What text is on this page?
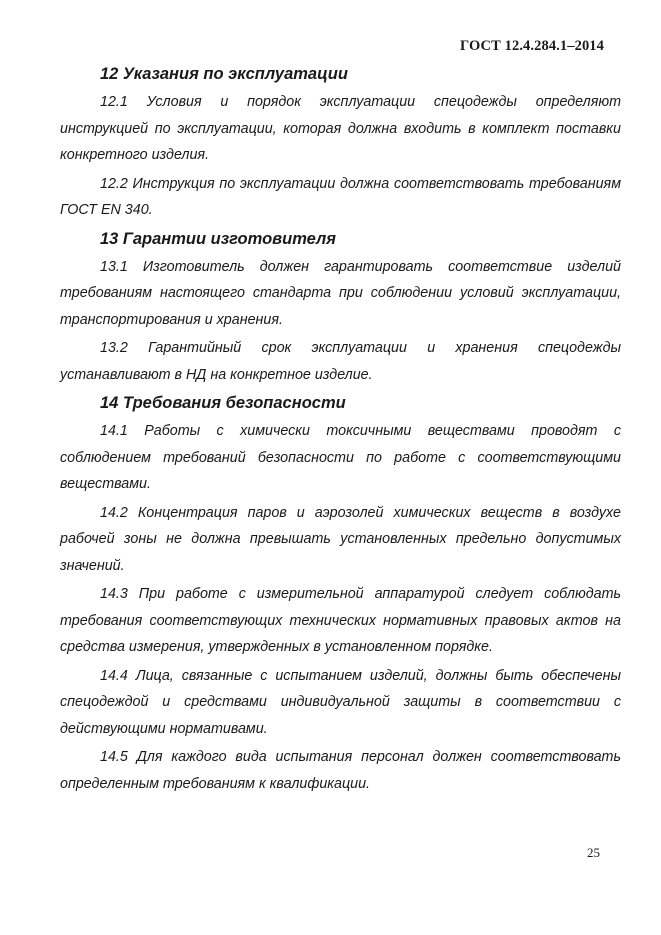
ГОСТ 12.4.284.1–2014
12 Указания по эксплуатации

12.1 Условия и порядок эксплуатации спецодежды определяют инструкцией по эксплуатации, которая должна входить в комплект поставки конкретного изделия.

12.2 Инструкция по эксплуатации должна соответствовать требованиям ГОСТ EN 340.

13 Гарантии изготовителя

13.1 Изготовитель должен гарантировать соответствие изделий требованиям настоящего стандарта при соблюдении условий эксплуатации, транспортирования и хранения.

13.2 Гарантийный срок эксплуатации и хранения спецодежды устанавливают в НД на конкретное изделие.

14 Требования безопасности

14.1 Работы с химически токсичными веществами проводят с соблюдением требований безопасности по работе с соответствующими веществами.

14.2 Концентрация паров и аэрозолей химических веществ в воздухе рабочей зоны не должна превышать установленных предельно допустимых значений.

14.3 При работе с измерительной аппаратурой следует соблюдать требования соответствующих технических нормативных правовых актов на средства измерения, утвержденных в установленном порядке.

14.4 Лица, связанные с испытанием изделий, должны быть обеспечены спецодеждой и средствами индивидуальной защиты в соответствии с действующими нормативами.

14.5 Для каждого вида испытания персонал должен соответствовать определенным требованиям к квалификации.

25
